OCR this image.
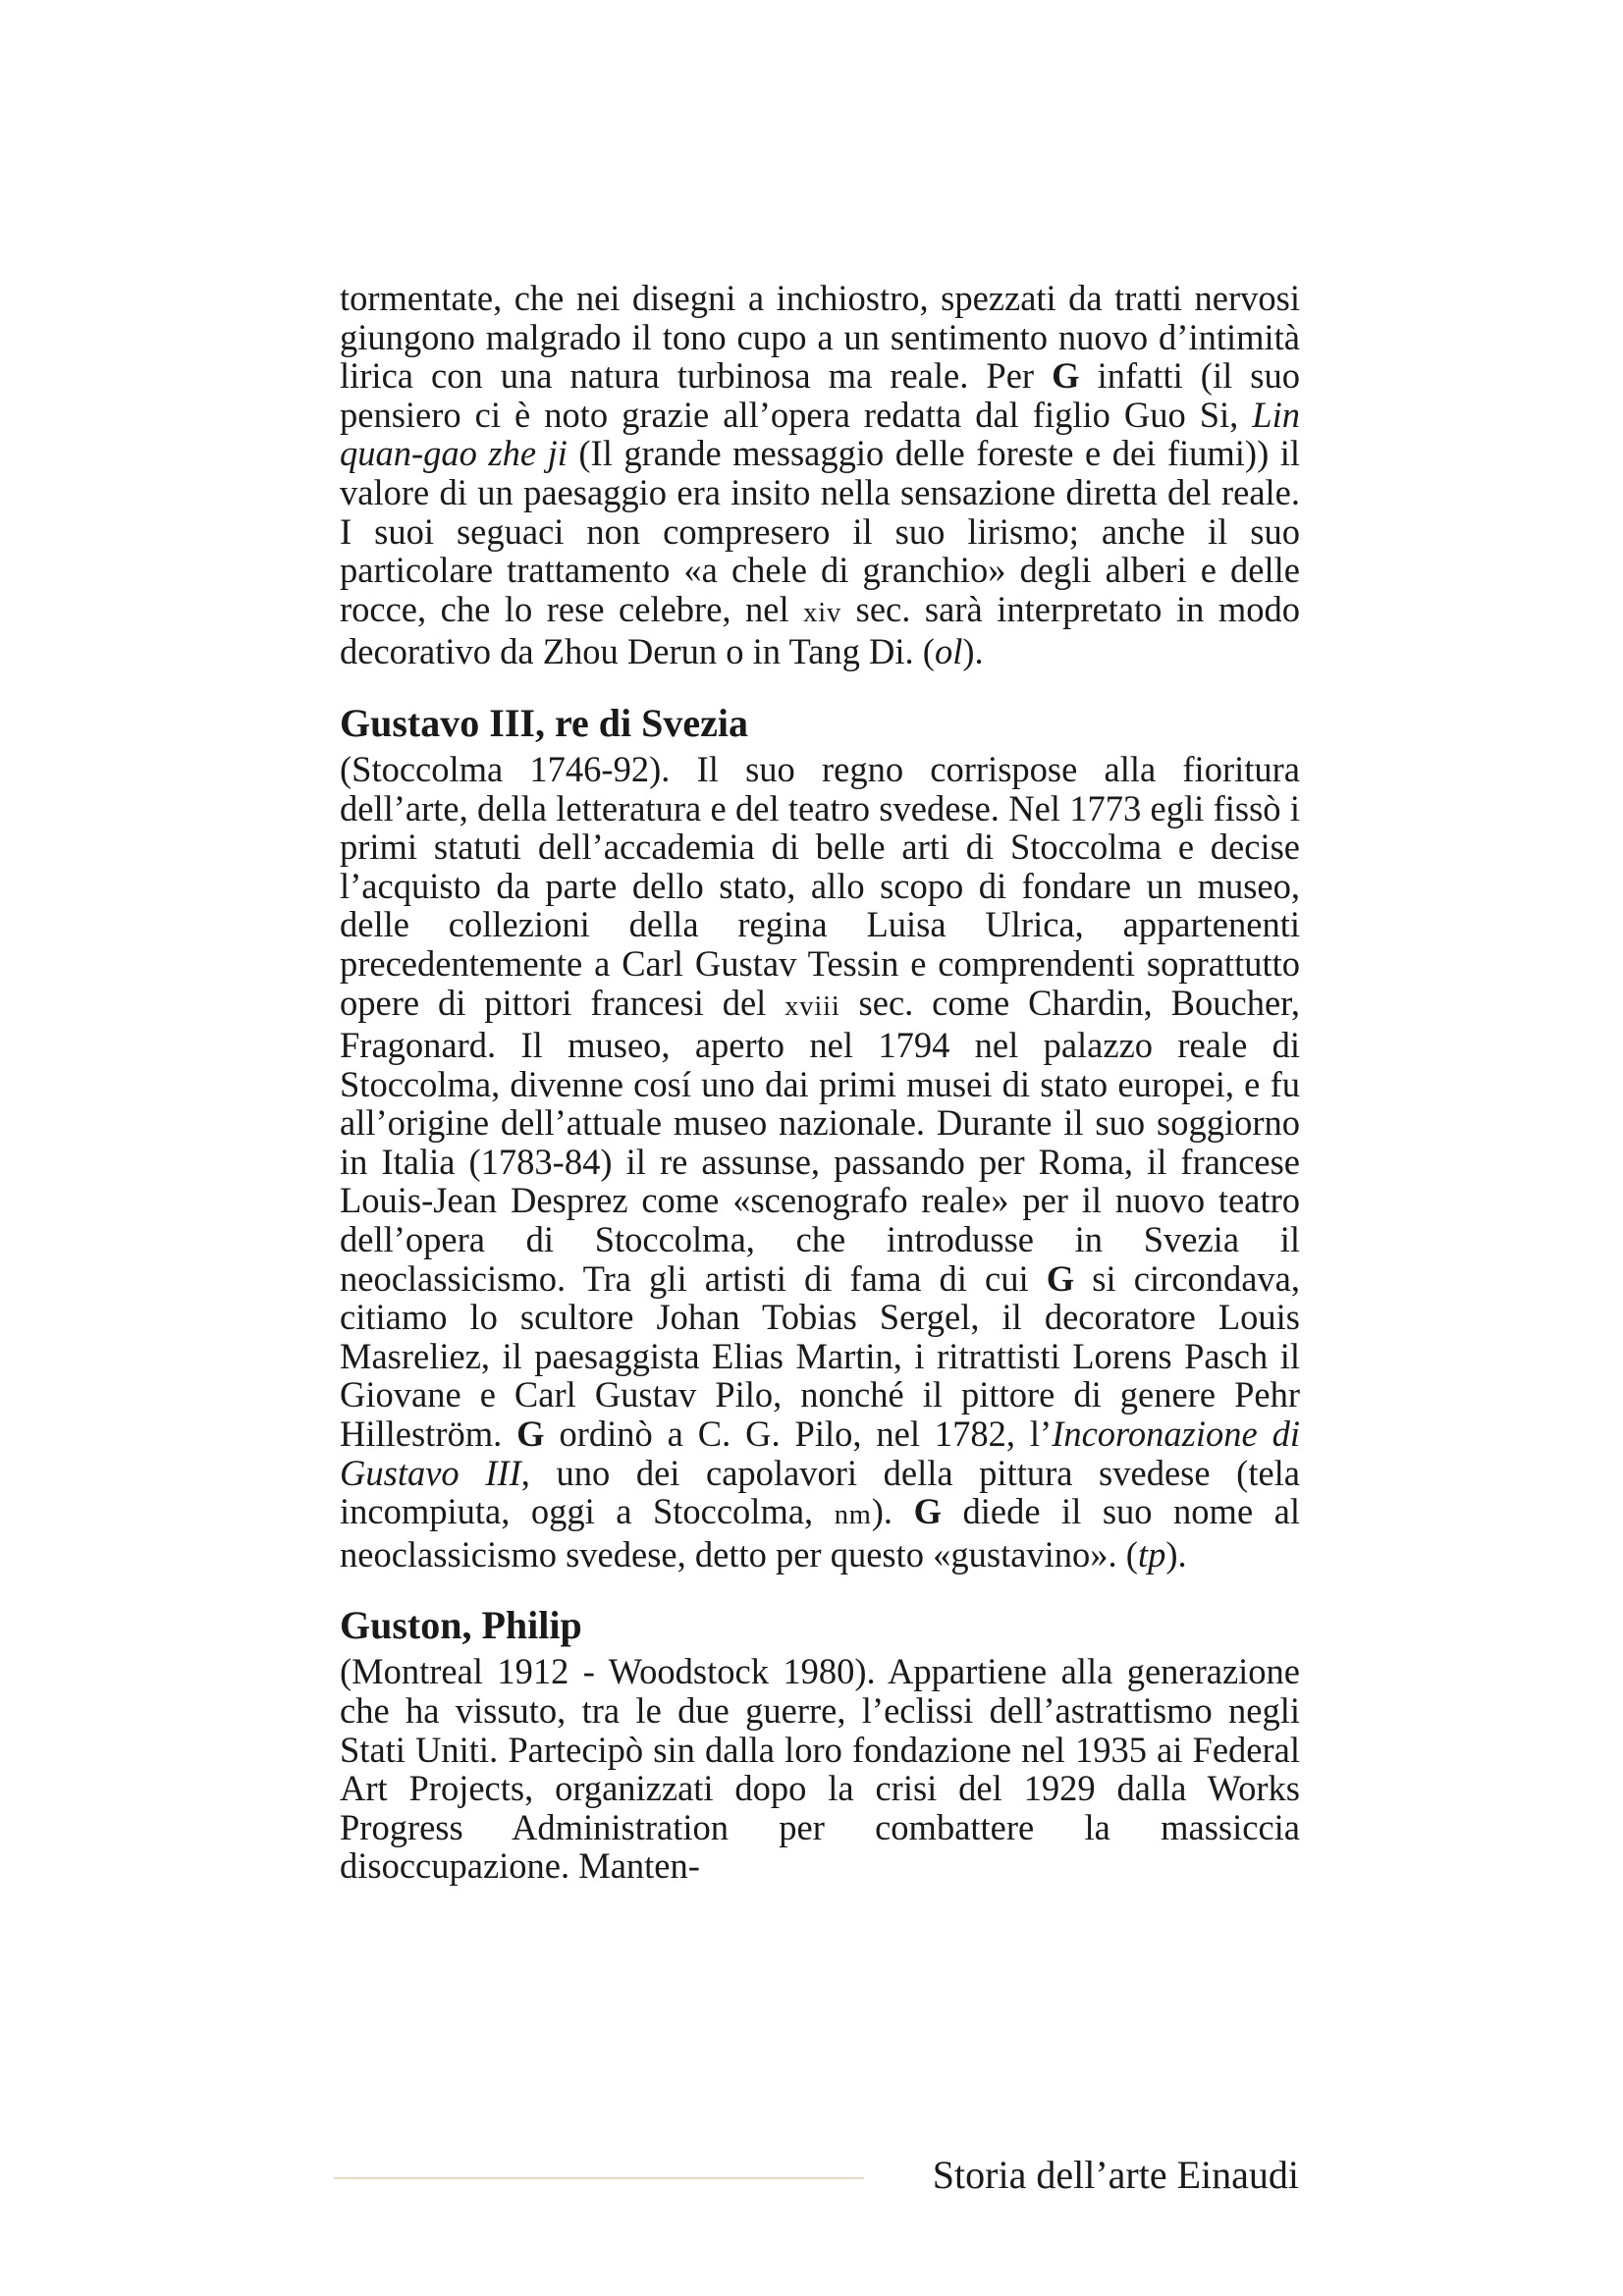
tormentate, che nei disegni a inchiostro, spezzati da tratti nervosi giungono malgrado il tono cupo a un sentimento nuovo d’intimità lirica con una natura turbinosa ma reale. Per G infatti (il suo pensiero ci è noto grazie all’opera redatta dal figlio Guo Si, Lin quan-gao zhe ji (Il grande messaggio delle foreste e dei fiumi)) il valore di un paesaggio era insito nella sensazione diretta del reale. I suoi seguaci non compresero il suo lirismo; anche il suo particolare trattamento «a chele di granchio» degli alberi e delle rocce, che lo rese celebre, nel xiv sec. sarà interpretato in modo decorativo da Zhou Derun o in Tang Di. (ol).

Gustavo III, re di Svezia

(Stoccolma 1746-92). Il suo regno corrispose alla fioritura dell’arte, della letteratura e del teatro svedese. Nel 1773 egli fissò i primi statuti dell’accademia di belle arti di Stoccolma e decise l’acquisto da parte dello stato, allo scopo di fondare un museo, delle collezioni della regina Luisa Ulrica, appartenenti precedentemente a Carl Gustav Tessin e comprendenti soprattutto opere di pittori francesi del xviii sec. come Chardin, Boucher, Fragonard. Il museo, aperto nel 1794 nel palazzo reale di Stoccolma, divenne cosí uno dai primi musei di stato europei, e fu all’origine dell’attuale museo nazionale. Durante il suo soggiorno in Italia (1783-84) il re assunse, passando per Roma, il francese Louis-Jean Desprez come «scenografo reale» per il nuovo teatro dell’opera di Stoccolma, che introdusse in Svezia il neoclassicismo. Tra gli artisti di fama di cui G si circondava, citiamo lo scultore Johan Tobias Sergel, il decoratore Louis Masreliez, il paesaggista Elias Martin, i ritrattisti Lorens Pasch il Giovane e Carl Gustav Pilo, nonché il pittore di genere Pehr Hilleström. G ordinò a C. G. Pilo, nel 1782, l’Incoronazione di Gustavo III, uno dei capolavori della pittura svedese (tela incompiuta, oggi a Stoccolma, nm). G diede il suo nome al neoclassicismo svedese, detto per questo «gustavino». (tp).

Guston, Philip

(Montreal 1912 - Woodstock 1980). Appartiene alla generazione che ha vissuto, tra le due guerre, l’eclissi dell’astrattismo negli Stati Uniti. Partecipò sin dalla loro fondazione nel 1935 ai Federal Art Projects, organizzati dopo la crisi del 1929 dalla Works Progress Administration per combattere la massiccia disoccupazione. Manten-

Storia dell’arte Einaudi
